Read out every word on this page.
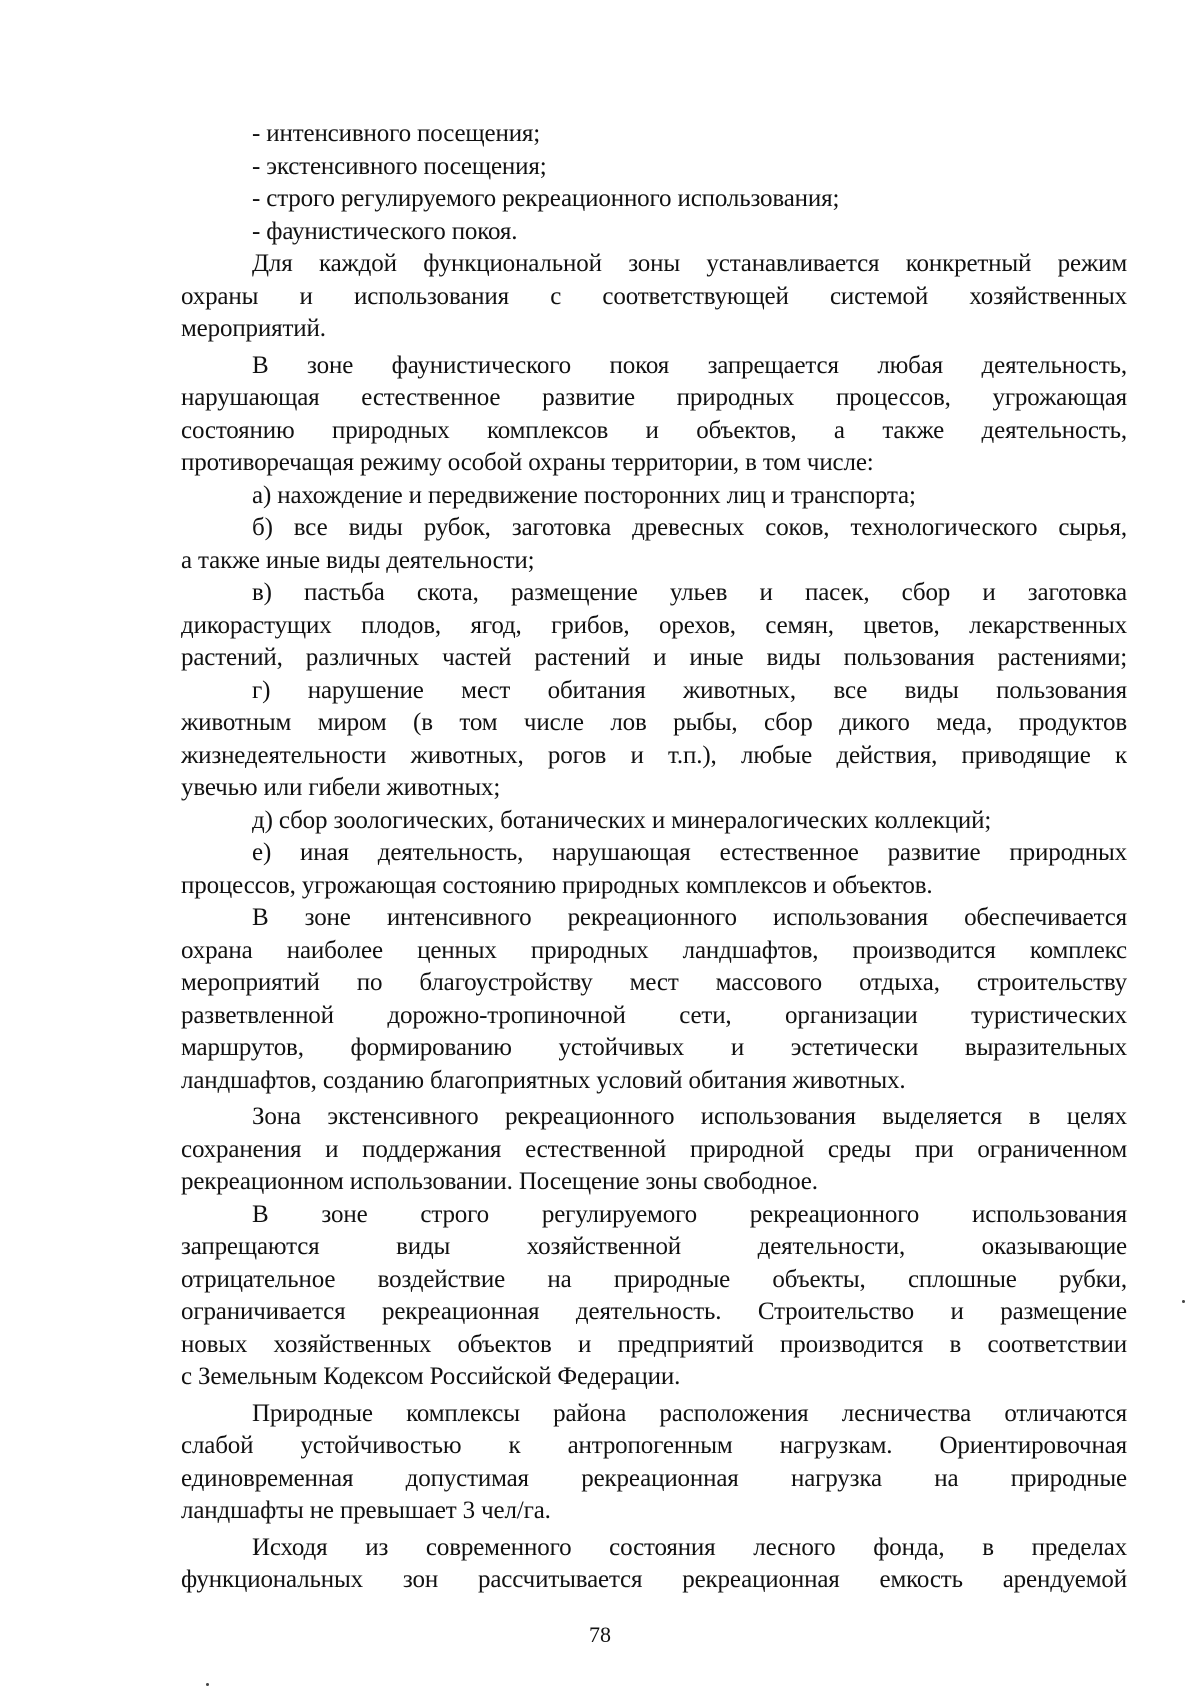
- интенсивного посещения;
- экстенсивного посещения;
- строго регулируемого рекреационного использования;
- фаунистического покоя.
Для каждой функциональной зоны устанавливается конкретный режим
охраны и использования с соответствующей системой хозяйственных
мероприятий.
В зоне фаунистического покоя запрещается любая деятельность,
нарушающая естественное развитие природных процессов, угрожающая
состоянию природных комплексов и объектов, а также деятельность,
противоречащая режиму особой охраны территории, в том числе:
а) нахождение и передвижение посторонних лиц и транспорта;
б) все виды рубок, заготовка древесных соков, технологического сырья,
а также иные виды деятельности;
в) пастьба скота, размещение ульев и пасек, сбор и заготовка
дикорастущих плодов, ягод, грибов, орехов, семян, цветов, лекарственных
растений, различных частей растений и иные виды пользования растениями;
г) нарушение мест обитания животных, все виды пользования
животным миром (в том числе лов рыбы, сбор дикого меда, продуктов
жизнедеятельности животных, рогов и т.п.), любые действия, приводящие к
увечью или гибели животных;
д) сбор зоологических, ботанических и минералогических коллекций;
е) иная деятельность, нарушающая естественное развитие природных
процессов, угрожающая состоянию природных комплексов и объектов.
В зоне интенсивного рекреационного использования обеспечивается
охрана наиболее ценных природных ландшафтов, производится комплекс
мероприятий по благоустройству мест массового отдыха, строительству
разветвленной дорожно-тропиночной сети, организации туристических
маршрутов, формированию устойчивых и эстетически выразительных
ландшафтов, созданию благоприятных условий обитания животных.
Зона экстенсивного рекреационного использования выделяется в целях
сохранения и поддержания естественной природной среды при ограниченном
рекреационном использовании. Посещение зоны свободное.
В зоне строго регулируемого рекреационного использования
запрещаются виды хозяйственной деятельности, оказывающие
отрицательное воздействие на природные объекты, сплошные рубки,
ограничивается рекреационная деятельность. Строительство и размещение
новых хозяйственных объектов и предприятий производится в соответствии
с Земельным Кодексом Российской Федерации.
Природные комплексы района расположения лесничества отличаются
слабой устойчивостью к антропогенным нагрузкам. Ориентировочная
единовременная допустимая рекреационная нагрузка на природные
ландшафты не превышает 3 чел/га.
Исходя из современного состояния лесного фонда, в пределах
функциональных зон рассчитывается рекреационная емкость арендуемой
78
